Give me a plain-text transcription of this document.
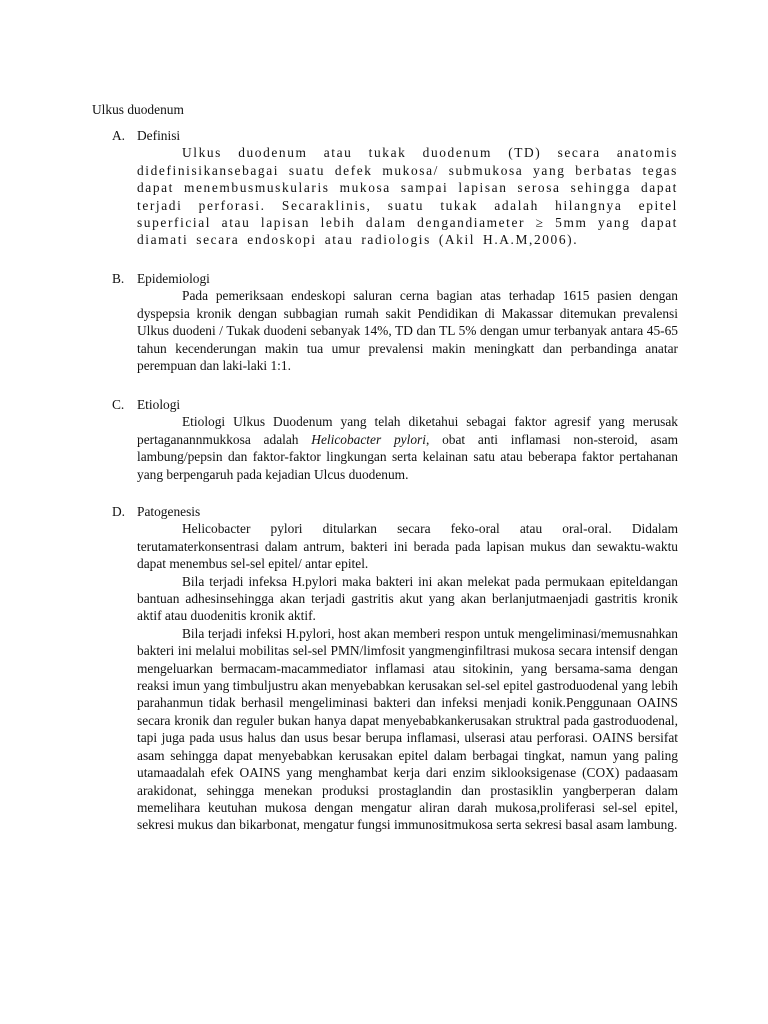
Ulkus duodenum
A. Definisi

Ulkus duodenum atau tukak duodenum (TD) secara anatomis didefinisikansebagai suatu defek mukosa/ submukosa yang berbatas tegas dapat menembusmuskularis mukosa sampai lapisan serosa sehingga dapat terjadi perforasi. Secaraklinis, suatu tukak adalah hilangnya epitel superficial atau lapisan lebih dalam dengandiameter ≥ 5mm yang dapat diamati secara endoskopi atau radiologis (Akil H.A.M,2006).

B. Epidemiologi

Pada pemeriksaan endeskopi saluran cerna bagian atas terhadap 1615 pasien dengan dyspepsia kronik dengan subbagian rumah sakit Pendidikan di Makassar ditemukan prevalensi Ulkus duodeni / Tukak duodeni sebanyak 14%, TD dan TL 5% dengan umur terbanyak antara 45-65 tahun kecenderungan makin tua umur prevalensi makin meningkatt dan perbandinga anatar perempuan dan laki-laki 1:1.

C. Etiologi

Etiologi Ulkus Duodenum yang telah diketahui sebagai faktor agresif yang merusak pertaganannmukkosa adalah Helicobacter pylori, obat anti inflamasi non-steroid, asam lambung/pepsin dan faktor-faktor lingkungan serta kelainan satu atau beberapa faktor pertahanan yang berpengaruh pada kejadian Ulcus duodenum.

D. Patogenesis

Helicobacter pylori ditularkan secara feko-oral atau oral-oral. Didalam terutamaterkonsentrasi dalam antrum, bakteri ini berada pada lapisan mukus dan sewaktu-waktu dapat menembus sel-sel epitel/ antar epitel.

Bila terjadi infeksa H.pylori maka bakteri ini akan melekat pada permukaan epiteldangan bantuan adhesinsehingga akan terjadi gastritis akut yang akan berlanjutmaenjadi gastritis kronik aktif atau duodenitis kronik aktif.

Bila terjadi infeksi H.pylori, host akan memberi respon untuk mengeliminasi/memusnahkan bakteri ini melalui mobilitas sel-sel PMN/limfosit yangmenginfiltrasi mukosa secara intensif dengan mengeluarkan bermacam-macammediator inflamasi atau sitokinin, yang bersama-sama dengan reaksi imun yang timbuljustru akan menyebabkan kerusakan sel-sel epitel gastroduodenal yang lebih parahanmun tidak berhasil mengeliminasi bakteri dan infeksi menjadi konik.Penggunaan OAINS secara kronik dan reguler bukan hanya dapat menyebabkankerusakan struktral pada gastroduodenal, tapi juga pada usus halus dan usus besar berupa inflamasi, ulserasi atau perforasi. OAINS bersifat asam sehingga dapat menyebabkan kerusakan epitel dalam berbagai tingkat, namun yang paling utamaadalah efek OAINS yang menghambat kerja dari enzim siklooksigenase (COX) padaasam arakidonat, sehingga menekan produksi prostaglandin dan prostasiklin yangberperan dalam memelihara keutuhan mukosa dengan mengatur aliran darah mukosa,proliferasi sel-sel epitel, sekresi mukus dan bikarbonat, mengatur fungsi immunositmukosa serta sekresi basal asam lambung.
